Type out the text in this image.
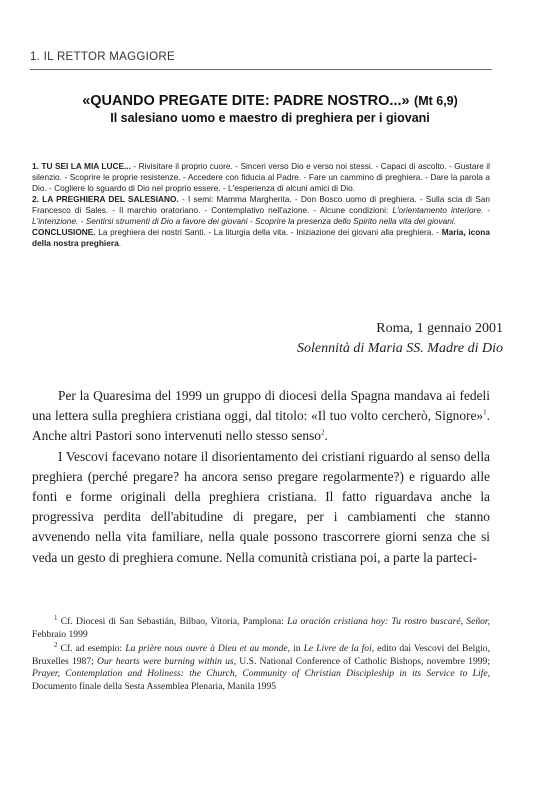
1. IL RETTOR MAGGIORE
«QUANDO PREGATE DITE: PADRE NOSTRO...» (Mt 6,9)
Il salesiano uomo e maestro di preghiera per i giovani

1. TU SEI LA MIA LUCE... - Rivisitare il proprio cuore. - Sinceri verso Dio e verso noi stessi. - Capaci di ascolto. - Gustare il silenzio. - Scoprire le proprie resistenze. - Accedere con fiducia al Padre. - Fare un cammino di preghiera. - Dare la parola a Dio. - Cogliere lo sguardo di Dio nel proprio essere. - L'esperienza di alcuni amici di Dio.

2. LA PREGHIERA DEL SALESIANO. - I semi: Mamma Margherita. - Don Bosco uomo di preghiera. - Sulla scia di San Francesco di Sales. - Il marchio oratoriano. - Contemplativo nell'azione. - Alcune condizioni: L'orientamento interiore. - L'intenzione. - Sentirsi strumenti di Dio a favore dei giovani - Scoprire la presenza dello Spirito nella vita dei giovani.

CONCLUSIONE. La preghiera dei nostri Santi. - La liturgia della vita. - Iniziazione dei giovani alla preghiera. - Maria, icona della nostra preghiera.

Roma, 1 gennaio 2001
Solennità di Maria SS. Madre di Dio

Per la Quaresima del 1999 un gruppo di diocesi della Spagna mandava ai fedeli una lettera sulla preghiera cristiana oggi, dal titolo: «Il tuo volto cercherò, Signore»$^1$. Anche altri Pastori sono intervenuti nello stesso senso$^2$.

I Vescovi facevano notare il disorientamento dei cristiani riguardo al senso della preghiera (perché pregare? ha ancora senso pregare regolarmente?) e riguardo alle fonti e forme originali della preghiera cristiana. Il fatto riguardava anche la progressiva perdita dell'abitudine di pregare, per i cambiamenti che stanno avvenendo nella vita familiare, nella quale possono trascorrere giorni senza che si veda un gesto di preghiera comune. Nella comunità cristiana poi, a parte la parteci-

$^1$ Cf. Diocesi di San Sebastián, Bilbao, Vitoria, Pamplona: La oración cristiana hoy: Tu rostro buscaré, Señor, Febbraio 1999

$^2$ Cf. ad esempio: La prière nous ouvre à Dieu et au monde, in Le Livre de la foi, edito dai Vescovi del Belgio, Bruxelles 1987; Our hearts were burning within us, U.S. National Conference of Catholic Bishops, novembre 1999; Prayer, Contemplation and Holiness: the Church, Community of Christian Discipleship in its Service to Life, Documento finale della Sesta Assemblea Plenaria, Manila 1995
